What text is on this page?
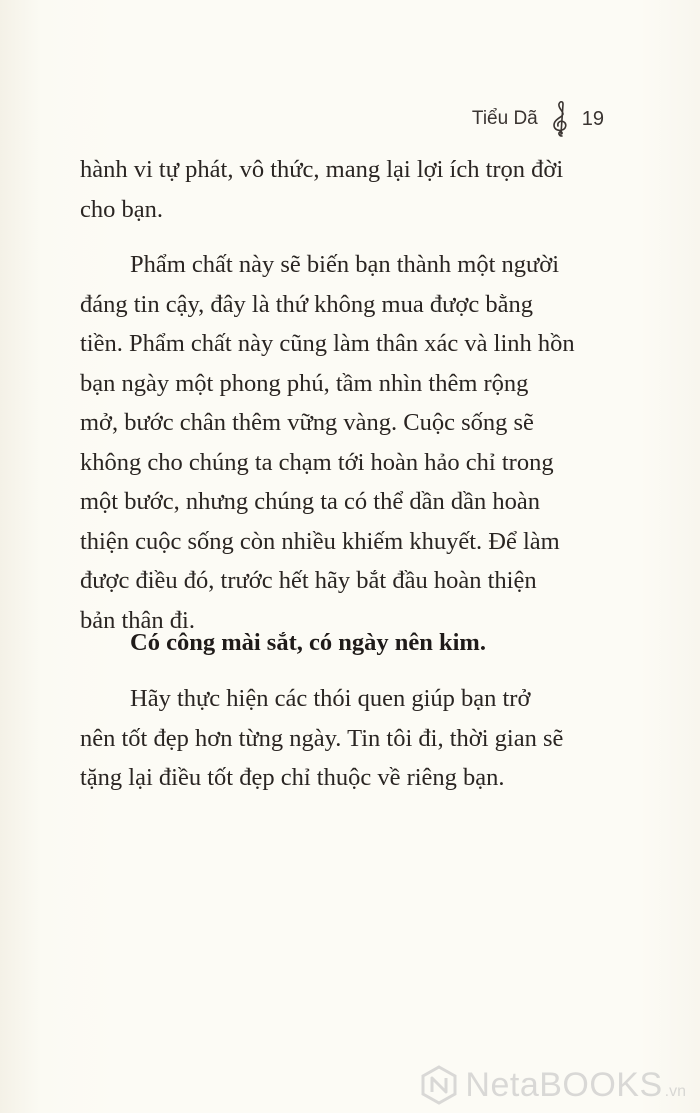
Tiểu Dã 19
hành vi tự phát, vô thức, mang lại lợi ích trọn đời
cho bạn.
Phẩm chất này sẽ biến bạn thành một người
đáng tin cậy, đây là thứ không mua được bằng
tiền. Phẩm chất này cũng làm thân xác và linh hồn
bạn ngày một phong phú, tầm nhìn thêm rộng
mở, bước chân thêm vững vàng. Cuộc sống sẽ
không cho chúng ta chạm tới hoàn hảo chỉ trong
một bước, nhưng chúng ta có thể dần dần hoàn
thiện cuộc sống còn nhiều khiếm khuyết. Để làm
được điều đó, trước hết hãy bắt đầu hoàn thiện
bản thân đi.
Có công mài sắt, có ngày nên kim.
Hãy thực hiện các thói quen giúp bạn trở
nên tốt đẹp hơn từng ngày. Tin tôi đi, thời gian sẽ
tặng lại điều tốt đẹp chỉ thuộc về riêng bạn.
NetaBOOKS .vn
